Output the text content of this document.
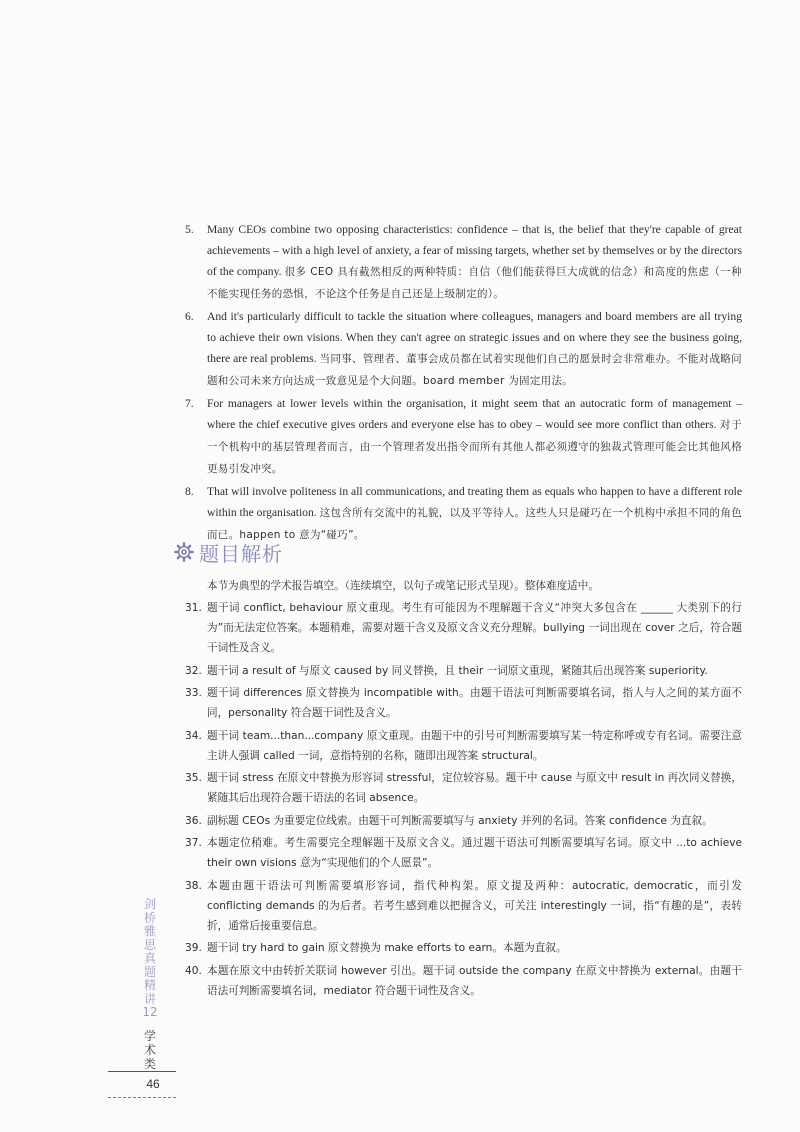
5. Many CEOs combine two opposing characteristics: confidence – that is, the belief that they're capable of great achievements – with a high level of anxiety, a fear of missing targets, whether set by themselves or by the directors of the company. 很多 CEO 具有截然相反的两种特质：自信（他们能获得巨大成就的信念）和高度的焦虑（一种不能实现任务的恐惧，不论这个任务是自己还是上级制定的）。
6. And it's particularly difficult to tackle the situation where colleagues, managers and board members are all trying to achieve their own visions. When they can't agree on strategic issues and on where they see the business going, there are real problems. 当同事、管理者、董事会成员都在试着实现他们自己的愿景时会非常难办。不能对战略问题和公司未来方向达成一致意见是个大问题。board member 为固定用法。
7. For managers at lower levels within the organisation, it might seem that an autocratic form of management – where the chief executive gives orders and everyone else has to obey – would see more conflict than others. 对于一个机构中的基层管理者而言，由一个管理者发出指令而所有其他人都必须遵守的独裁式管理可能会比其他风格更易引发冲突。
8. That will involve politeness in all communications, and treating them as equals who happen to have a different role within the organisation. 这包含所有交流中的礼貌，以及平等待人。这些人只是碰巧在一个机构中承担不同的角色而已。happen to 意为“碰巧”。
题目解析

本节为典型的学术报告填空。（连续填空，以句子或笔记形式呈现）。整体难度适中。

31. 题干词 conflict, behaviour 原文重现。考生有可能因为不理解题干含义“冲突大多包含在 ______ 大类别下的行为”而无法定位答案。本题稍难，需要对题干含义及原文含义充分理解。bullying 一词出现在 cover 之后，符合题干词性及含义。
32. 题干词 a result of 与原文 caused by 同义替换，且 their 一词原文重现，紧随其后出现答案 superiority.
33. 题干词 differences 原文替换为 incompatible with。由题干语法可判断需要填名词，指人与人之间的某方面不同，personality 符合题干词性及含义。
34. 题干词 team...than...company 原文重现。由题干中的引号可判断需要填写某一特定称呼或专有名词。需要注意主讲人强调 called 一词，意指特别的名称，随即出现答案 structural。
35. 题干词 stress 在原文中替换为形容词 stressful，定位较容易。题干中 cause 与原文中 result in 再次同义替换，紧随其后出现符合题干语法的名词 absence。
36. 副标题 CEOs 为重要定位线索。由题干可判断需要填写与 anxiety 并列的名词。答案 confidence 为直叙。
37. 本题定位稍难。考生需要完全理解题干及原文含义。通过题干语法可判断需要填写名词。原文中 ...to achieve their own visions 意为“实现他们的个人愿景”。
38. 本题由题干语法可判断需要填形容词，指代种构架。原文提及两种：autocratic, democratic，而引发 conflicting demands 的为后者。若考生感到难以把握含义，可关注 interestingly 一词，指“有趣的是”，表转折，通常后接重要信息。
39. 题干词 try hard to gain 原文替换为 make efforts to earn。本题为直叙。
40. 本题在原文中由转折关联词 however 引出。题干词 outside the company 在原文中替换为 external。由题干语法可判断需要填名词，mediator 符合题干词性及含义。
剑桥雅思真题精讲12
学术类
46
